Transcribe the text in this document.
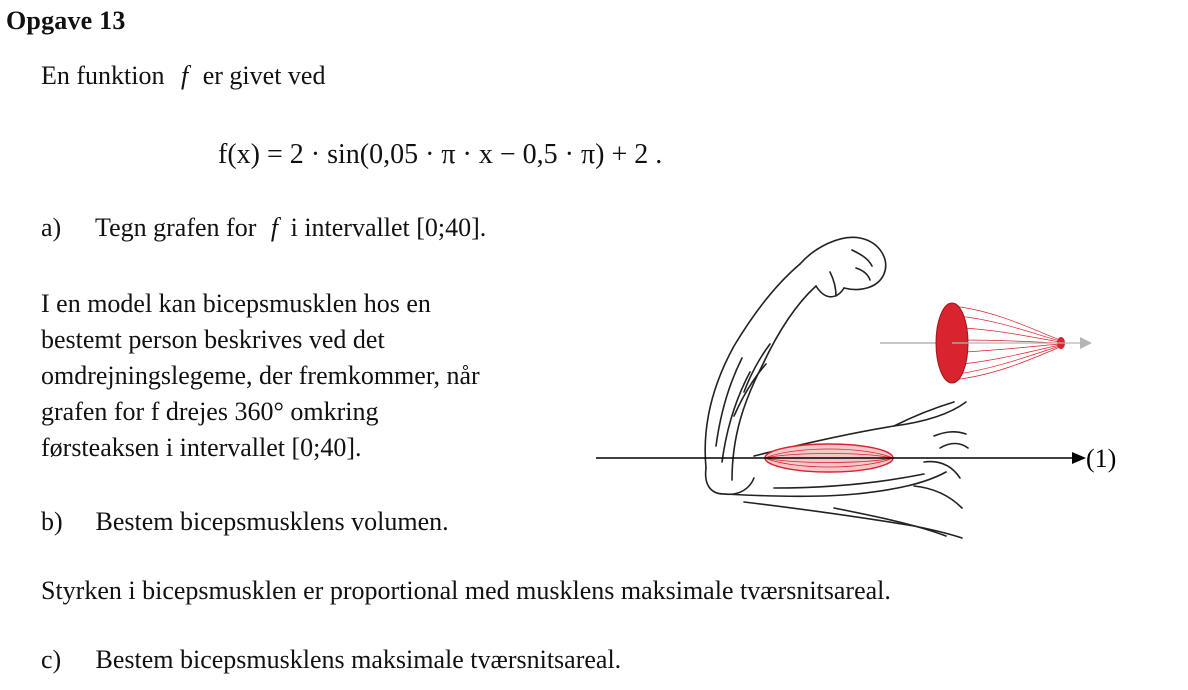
Opgave 13
En funktion f er givet ved
f(x) = 2 · sin(0,05 · π · x − 0,5 · π) + 2 .
a) Tegn grafen for f i intervallet [0;40].
I en model kan bicepsmusklen hos en
bestemt person beskrives ved det
omdrejningslegeme, der fremkommer, når
grafen for f drejes 360° omkring
førsteaksen i intervallet [0;40].
b) Bestem bicepsmusklens volumen.
Styrken i bicepsmusklen er proportional med musklens maksimale tværsnitsareal.
c) Bestem bicepsmusklens maksimale tværsnitsareal.
(1)
